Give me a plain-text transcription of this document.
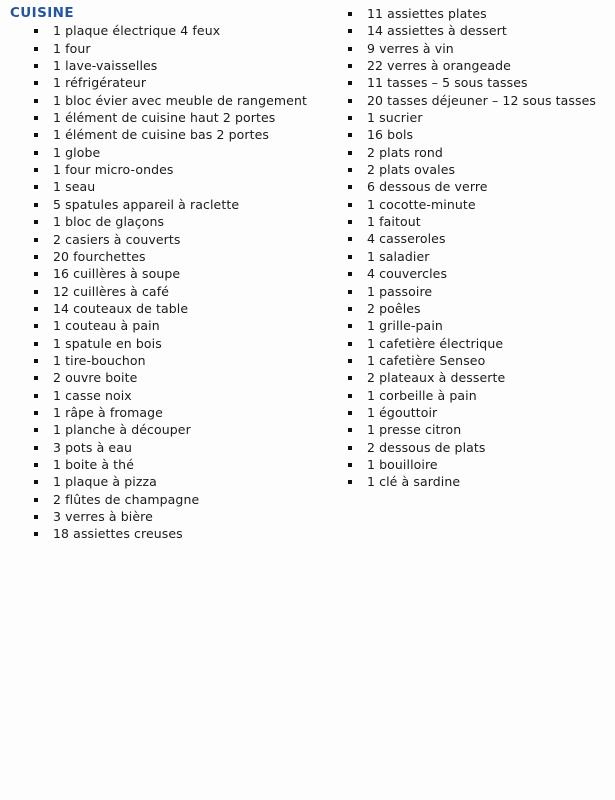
CUISINE
1 plaque électrique 4 feux
1 four
1 lave-vaisselles
1 réfrigérateur
1 bloc évier avec meuble de rangement
1 élément de cuisine haut 2 portes
1 élément de cuisine bas 2 portes
1 globe
1 four micro-ondes
1 seau
5 spatules appareil à raclette
1 bloc de glaçons
2 casiers à couverts
20 fourchettes
16 cuillères à soupe
12 cuillères à café
14 couteaux de table
1 couteau à pain
1 spatule en bois
1 tire-bouchon
2 ouvre boite
1 casse noix
1 râpe à fromage
1 planche à découper
3 pots à eau
1 boite à thé
1 plaque à pizza
2 flûtes de champagne
3 verres à bière
18 assiettes creuses
11 assiettes plates
14 assiettes à dessert
9 verres à vin
22 verres à orangeade
11 tasses – 5 sous tasses
20 tasses déjeuner – 12 sous tasses
1 sucrier
16 bols
2 plats rond
2 plats ovales
6 dessous de verre
1 cocotte-minute
1 faitout
4 casseroles
1 saladier
4 couvercles
1 passoire
2 poêles
1 grille-pain
1 cafetière électrique
1 cafetière Senseo
2 plateaux à desserte
1 corbeille à pain
1 égouttoir
1 presse citron
2 dessous de plats
1 bouilloire
1 clé à sardine
